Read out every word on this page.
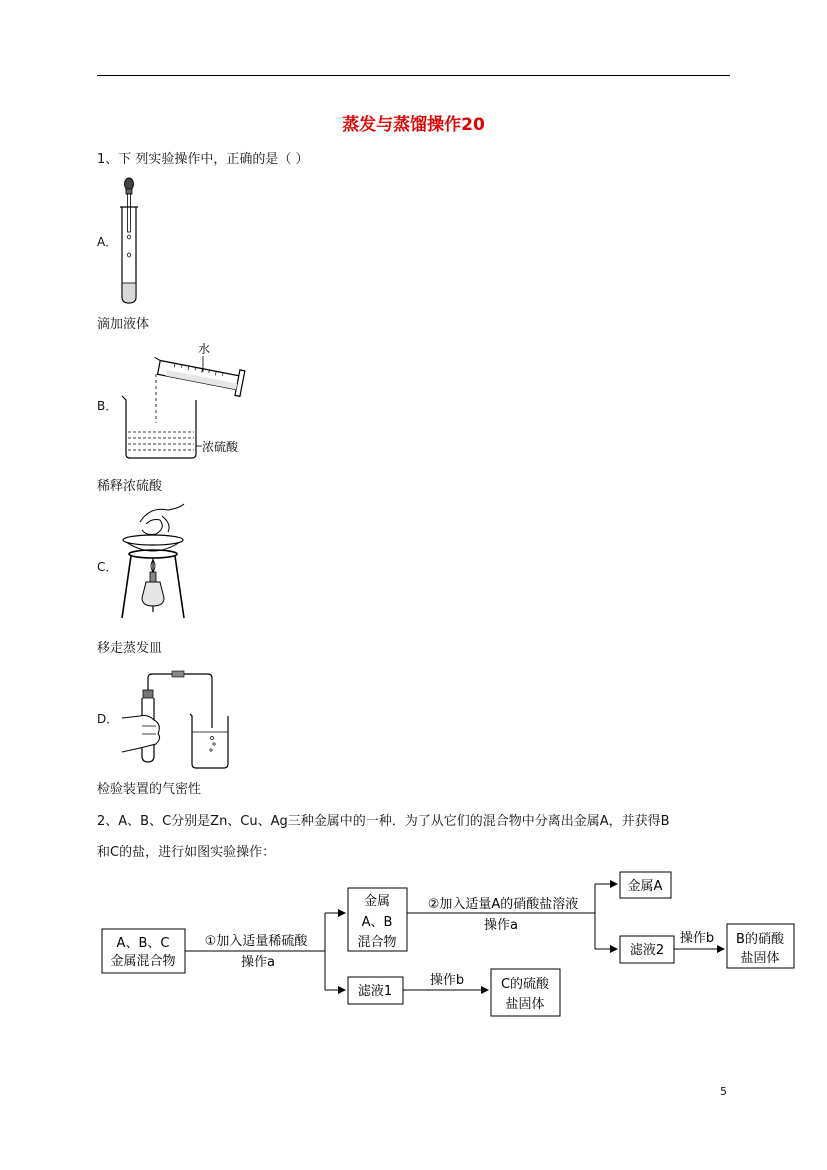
蒸发与蒸馏操作20
1、下 列实验操作中，正确的是（ ）
A．
滴加液体
B．
水
浓硫酸
稀释浓硫酸
C．
移走蒸发皿
D．
检验装置的气密性
2、A、B、C分别是Zn、Cu、Ag三种金属中的一种．为了从它们的混合物中分离出金属A，并获得B
和C的盐，进行如图实验操作：
A、B、C
金属混合物
①加入适量稀硫酸
操作a
金属
A、B
混合物
滤液1
操作b	C的硫酸
盐固体
②加入适量A的硝酸盐溶液
操作a
金属A
滤液2
操作b B的硝酸
盐固体
5
